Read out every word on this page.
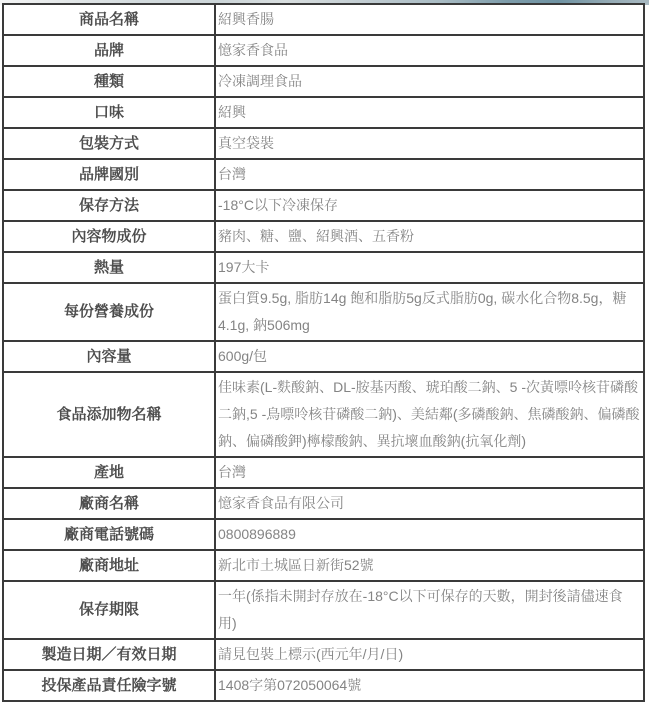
商品名稱	紹興香腸
品牌	憶家香食品
種類	冷凍調理食品
口味	紹興
包裝方式	真空袋裝
品牌國別	台灣
保存方法	-18°C以下冷凍保存
內容物成份	豬肉、糖、鹽、紹興酒、五香粉
熱量	197大卡
每份營養成份	蛋白質9.5g, 脂肪14g 飽和脂肪5g反式脂肪0g, 碳水化合物8.5g，糖4.1g, 鈉506mg
內容量	600g/包
食品添加物名稱	佳味素(L-麩酸鈉、DL-胺基丙酸、琥珀酸二鈉、5 -次黃嘌呤核苷磷酸二鈉,5 -鳥嘌呤核苷磷酸二鈉)、美結鄰(多磷酸鈉、焦磷酸鈉、偏磷酸鈉、偏磷酸鉀)檸檬酸鈉、異抗壞血酸鈉(抗氧化劑)
產地	台灣
廠商名稱	憶家香食品有限公司
廠商電話號碼	0800896889
廠商地址	新北市土城區日新街52號
保存期限	一年(係指未開封存放在-18°C以下可保存的天數，開封後請儘速食用)
製造日期／有效日期	請見包裝上標示(西元年/月/日)
投保產品責任險字號	1408字第072050064號
